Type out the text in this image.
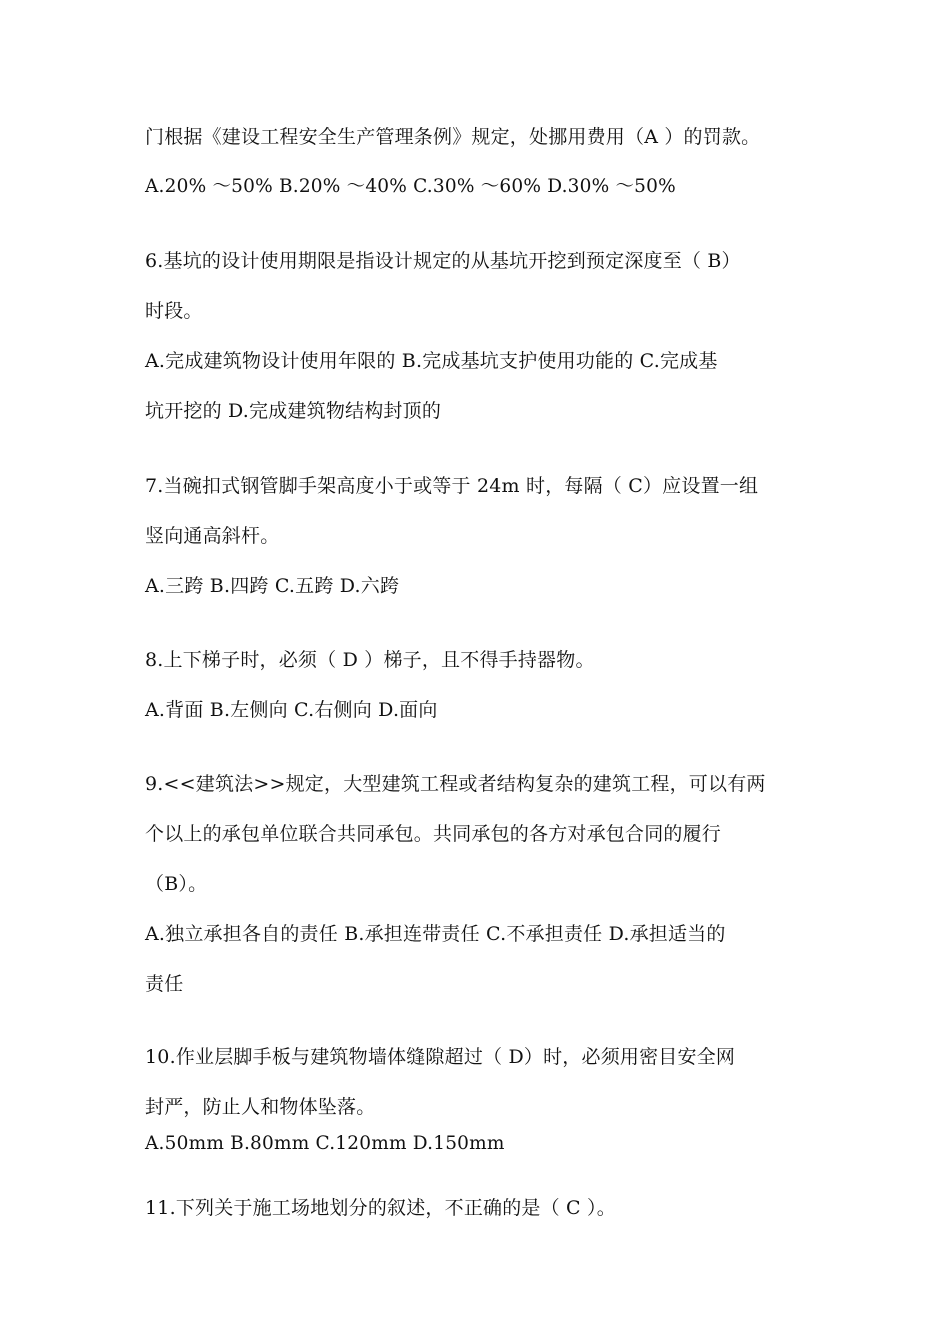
门根据《建设工程安全生产管理条例》规定，处挪用费用（A ）的罚款。
A.20% ～50% B.20% ～40% C.30% ～60% D.30% ～50%
6.基坑的设计使用期限是指设计规定的从基坑开挖到预定深度至（ B）
时段。
A.完成建筑物设计使用年限的 B.完成基坑支护使用功能的 C.完成基
坑开挖的 D.完成建筑物结构封顶的
7.当碗扣式钢管脚手架高度小于或等于 24m 时，每隔（ C）应设置一组
竖向通高斜杆。
A.三跨 B.四跨 C.五跨 D.六跨
8.上下梯子时，必须（ D ）梯子，且不得手持器物。
A.背面 B.左侧向 C.右侧向 D.面向
9.<<建筑法>>规定，大型建筑工程或者结构复杂的建筑工程，可以有两
个以上的承包单位联合共同承包。共同承包的各方对承包合同的履行
（B）。
A.独立承担各自的责任 B.承担连带责任 C.不承担责任 D.承担适当的
责任
10.作业层脚手板与建筑物墙体缝隙超过（ D）时，必须用密目安全网
封严，防止人和物体坠落。
A.50mm B.80mm C.120mm D.150mm
11.下列关于施工场地划分的叙述，不正确的是（ C ）。
